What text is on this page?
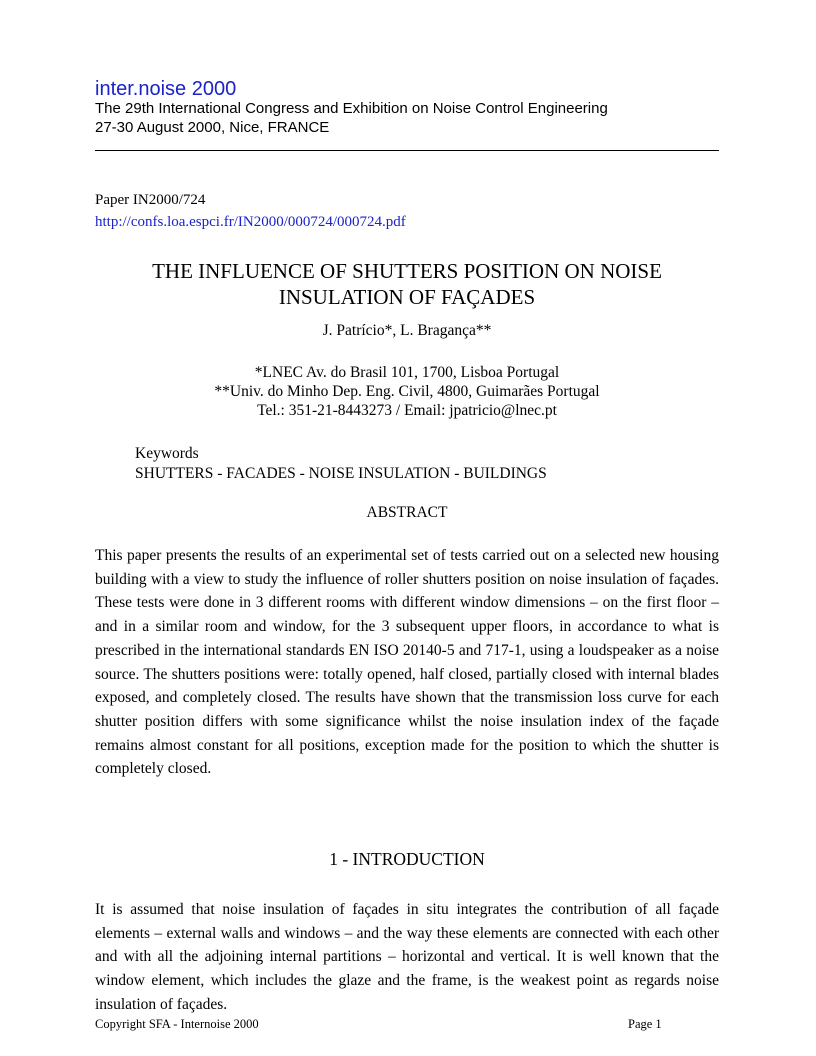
inter.noise 2000
The 29th International Congress and Exhibition on Noise Control Engineering
27-30 August 2000, Nice, FRANCE
Paper IN2000/724
http://confs.loa.espci.fr/IN2000/000724/000724.pdf
THE INFLUENCE OF SHUTTERS POSITION ON NOISE
INSULATION OF FAÇADES
J. Patrício*, L. Bragança**
*LNEC Av. do Brasil 101, 1700, Lisboa Portugal
**Univ. do Minho Dep. Eng. Civil, 4800, Guimarães Portugal
Tel.: 351-21-8443273 / Email: jpatricio@lnec.pt
Keywords
SHUTTERS - FACADES - NOISE INSULATION - BUILDINGS
ABSTRACT

This paper presents the results of an experimental set of tests carried out on a selected new housing building with a view to study the influence of roller shutters position on noise insulation of façades. These tests were done in 3 different rooms with different window dimensions – on the first floor – and in a similar room and window, for the 3 subsequent upper floors, in accordance to what is prescribed in the international standards EN ISO 20140-5 and 717-1, using a loudspeaker as a noise source. The shutters positions were: totally opened, half closed, partially closed with internal blades exposed, and completely closed. The results have shown that the transmission loss curve for each shutter position differs with some significance whilst the noise insulation index of the façade remains almost constant for all positions, exception made for the position to which the shutter is completely closed.

1 - INTRODUCTION

It is assumed that noise insulation of façades in situ integrates the contribution of all façade elements – external walls and windows – and the way these elements are connected with each other and with all the adjoining internal partitions – horizontal and vertical. It is well known that the window element, which includes the glaze and the frame, is the weakest point as regards noise insulation of façades.

Copyright SFA - Internoise 2000	Page 1
